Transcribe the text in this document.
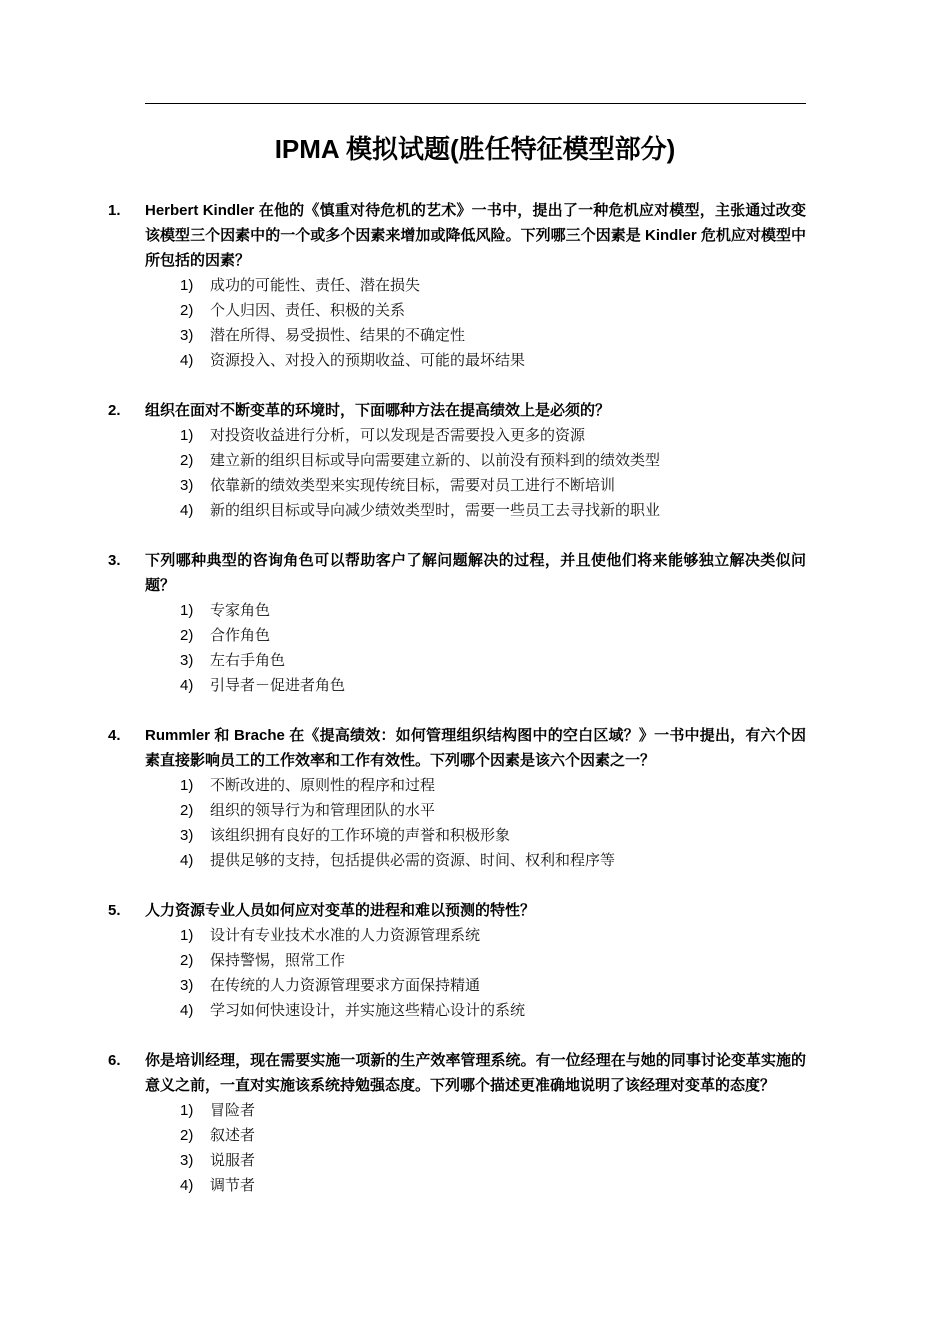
IPMA 模拟试题(胜任特征模型部分)
1. Herbert Kindler 在他的《慎重对待危机的艺术》一书中，提出了一种危机应对模型，主张通过改变该模型三个因素中的一个或多个因素来增加或降低风险。下列哪三个因素是 Kindler 危机应对模型中所包括的因素？
1) 成功的可能性、责任、潜在损失
2) 个人归因、责任、积极的关系
3) 潜在所得、易受损性、结果的不确定性
4) 资源投入、对投入的预期收益、可能的最坏结果
2. 组织在面对不断变革的环境时，下面哪种方法在提高绩效上是必须的？
1) 对投资收益进行分析，可以发现是否需要投入更多的资源
2) 建立新的组织目标或导向需要建立新的、以前没有预料到的绩效类型
3) 依靠新的绩效类型来实现传统目标，需要对员工进行不断培训
4) 新的组织目标或导向减少绩效类型时，需要一些员工去寻找新的职业
3. 下列哪种典型的咨询角色可以帮助客户了解问题解决的过程，并且使他们将来能够独立解决类似问题？
1) 专家角色
2) 合作角色
3) 左右手角色
4) 引导者－促进者角色
4. Rummler 和 Brache 在《提高绩效：如何管理组织结构图中的空白区域？》一书中提出，有六个因素直接影响员工的工作效率和工作有效性。下列哪个因素是该六个因素之一？
1) 不断改进的、原则性的程序和过程
2) 组织的领导行为和管理团队的水平
3) 该组织拥有良好的工作环境的声誉和积极形象
4) 提供足够的支持，包括提供必需的资源、时间、权利和程序等
5. 人力资源专业人员如何应对变革的进程和难以预测的特性？
1) 设计有专业技术水准的人力资源管理系统
2) 保持警惕，照常工作
3) 在传统的人力资源管理要求方面保持精通
4) 学习如何快速设计，并实施这些精心设计的系统
6. 你是培训经理，现在需要实施一项新的生产效率管理系统。有一位经理在与她的同事讨论变革实施的意义之前，一直对实施该系统持勉强态度。下列哪个描述更准确地说明了该经理对变革的态度？
1) 冒险者
2) 叙述者
3) 说服者
4) 调节者
